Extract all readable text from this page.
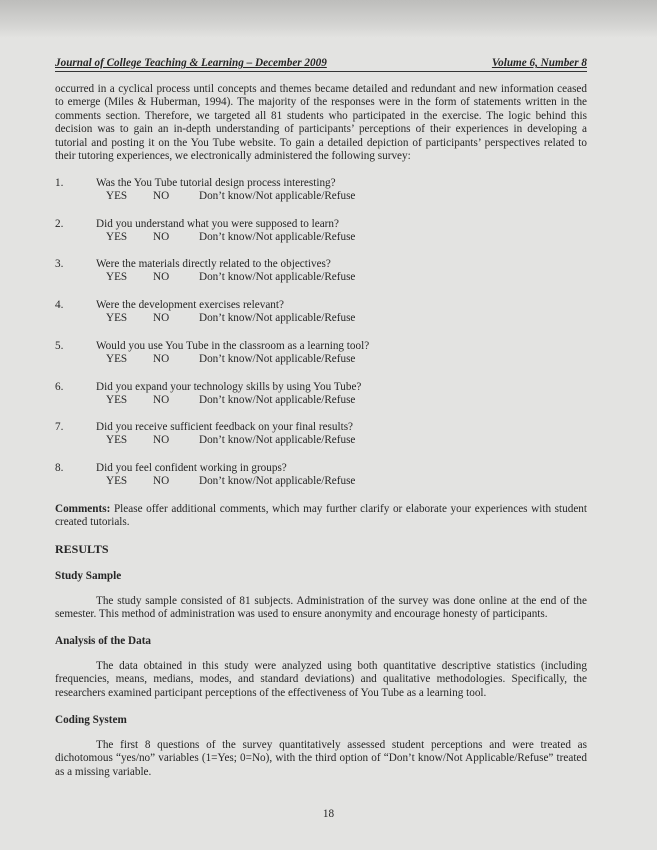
Journal of College Teaching & Learning – December 2009	Volume 6, Number 8

occurred in a cyclical process until concepts and themes became detailed and redundant and new information ceased to emerge (Miles & Huberman, 1994). The majority of the responses were in the form of statements written in the comments section. Therefore, we targeted all 81 students who participated in the exercise. The logic behind this decision was to gain an in-depth understanding of participants’ perceptions of their experiences in developing a tutorial and posting it on the You Tube website. To gain a detailed depiction of participants’ perspectives related to their tutoring experiences, we electronically administered the following survey:

1.	Was the You Tube tutorial design process interesting?
YES NO	Don’t know/Not applicable/Refuse
2.	Did you understand what you were supposed to learn?
YES NO	Don’t know/Not applicable/Refuse
3.	Were the materials directly related to the objectives?
YES NO	Don’t know/Not applicable/Refuse
4.	Were the development exercises relevant?
YES NO	Don’t know/Not applicable/Refuse
5.	Would you use You Tube in the classroom as a learning tool?
YES NO	Don’t know/Not applicable/Refuse
6.	Did you expand your technology skills by using You Tube?
YES NO	Don’t know/Not applicable/Refuse
7.	Did you receive sufficient feedback on your final results?
YES NO	Don’t know/Not applicable/Refuse
8.	Did you feel confident working in groups?
YES NO	Don’t know/Not applicable/Refuse

Comments: Please offer additional comments, which may further clarify or elaborate your experiences with student created tutorials.

RESULTS
Study Sample

The study sample consisted of 81 subjects. Administration of the survey was done online at the end of the semester. This method of administration was used to ensure anonymity and encourage honesty of participants.

Analysis of the Data

The data obtained in this study were analyzed using both quantitative descriptive statistics (including frequencies, means, medians, modes, and standard deviations) and qualitative methodologies. Specifically, the researchers examined participant perceptions of the effectiveness of You Tube as a learning tool.

Coding System

The first 8 questions of the survey quantitatively assessed student perceptions and were treated as dichotomous “yes/no” variables (1=Yes; 0=No), with the third option of “Don’t know/Not Applicable/Refuse” treated as a missing variable.

18
